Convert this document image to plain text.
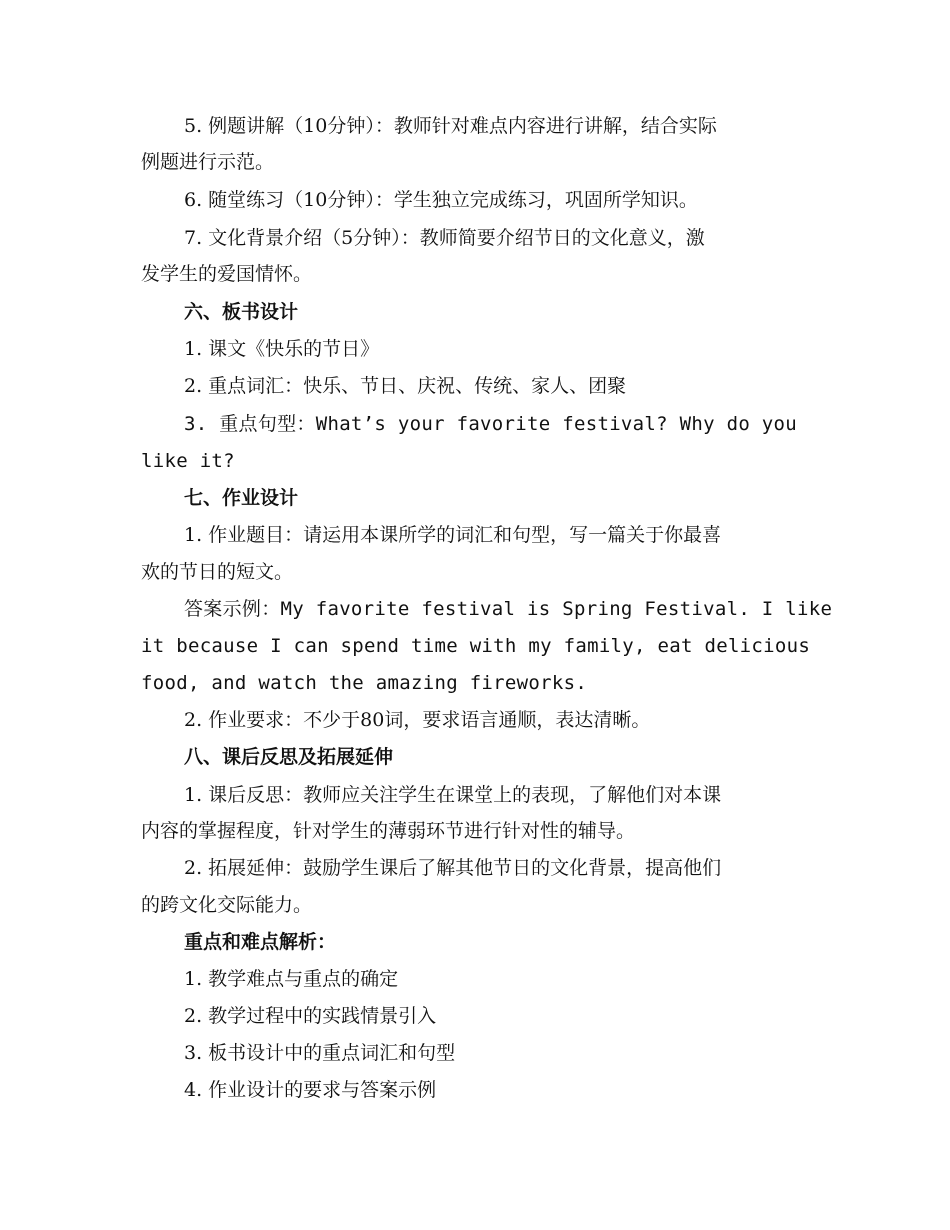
5. 例题讲解（10分钟）：教师针对难点内容进行讲解，结合实际
例题进行示范。
6. 随堂练习（10分钟）：学生独立完成练习，巩固所学知识。
7. 文化背景介绍（5分钟）：教师简要介绍节日的文化意义，激
发学生的爱国情怀。
六、板书设计
1. 课文《快乐的节日》
2. 重点词汇：快乐、节日、庆祝、传统、家人、团聚
3. 重点句型：What’s your favorite festival? Why do you
like it?
七、作业设计
1. 作业题目：请运用本课所学的词汇和句型，写一篇关于你最喜
欢的节日的短文。
答案示例：My favorite festival is Spring Festival. I like
it because I can spend time with my family, eat delicious
food, and watch the amazing fireworks.
2. 作业要求：不少于80词，要求语言通顺，表达清晰。
八、课后反思及拓展延伸
1. 课后反思：教师应关注学生在课堂上的表现，了解他们对本课
内容的掌握程度，针对学生的薄弱环节进行针对性的辅导。
2. 拓展延伸：鼓励学生课后了解其他节日的文化背景，提高他们
的跨文化交际能力。
重点和难点解析：
1. 教学难点与重点的确定
2. 教学过程中的实践情景引入
3. 板书设计中的重点词汇和句型
4. 作业设计的要求与答案示例
